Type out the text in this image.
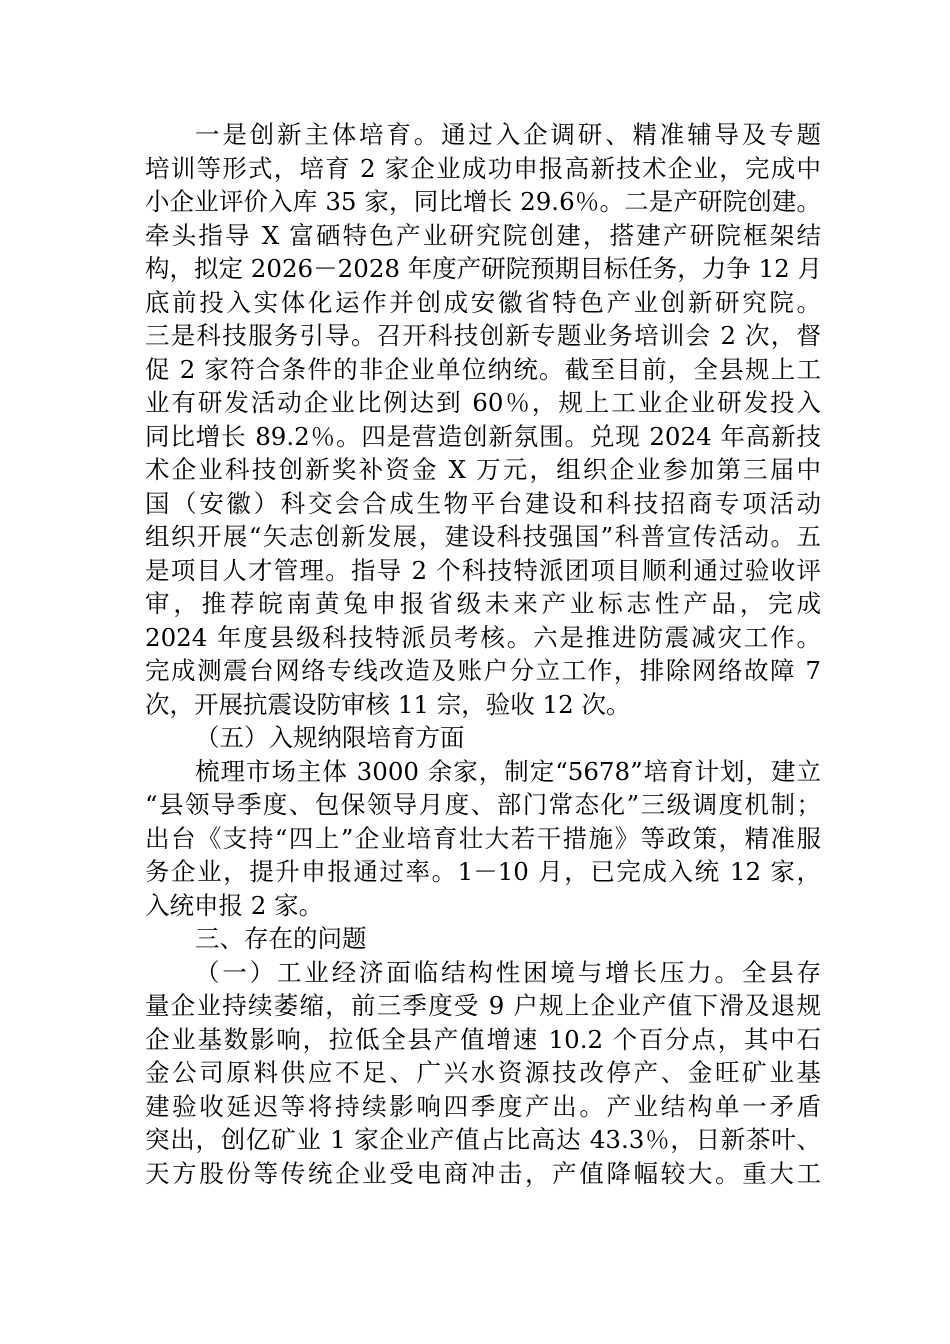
一是创新主体培育。通过入企调研、精准辅导及专题
培训等形式，培育 2 家企业成功申报高新技术企业，完成中
小企业评价入库 35 家，同比增长 29.6％。二是产研院创建。
牵头指导 X 富硒特色产业研究院创建，搭建产研院框架结
构，拟定 2026－2028 年度产研院预期目标任务，力争 12 月
底前投入实体化运作并创成安徽省特色产业创新研究院。
三是科技服务引导。召开科技创新专题业务培训会 2 次，督
促 2 家符合条件的非企业单位纳统。截至目前，全县规上工
业有研发活动企业比例达到 60％，规上工业企业研发投入
同比增长 89.2％。四是营造创新氛围。兑现 2024 年高新技
术企业科技创新奖补资金 X 万元，组织企业参加第三届中
国（安徽）科交会合成生物平台建设和科技招商专项活动
组织开展“矢志创新发展，建设科技强国”科普宣传活动。五
是项目人才管理。指导 2 个科技特派团项目顺利通过验收评
审，推荐皖南黄兔申报省级未来产业标志性产品，完成
2024 年度县级科技特派员考核。六是推进防震减灾工作。
完成测震台网络专线改造及账户分立工作，排除网络故障 7
次，开展抗震设防审核 11 宗，验收 12 次。
（五）入规纳限培育方面
梳理市场主体 3000 余家，制定“5678”培育计划，建立
“县领导季度、包保领导月度、部门常态化”三级调度机制；
出台《支持“四上”企业培育壮大若干措施》等政策，精准服
务企业，提升申报通过率。1－10 月，已完成入统 12 家，
入统申报 2 家。
三、存在的问题
（一）工业经济面临结构性困境与增长压力。全县存
量企业持续萎缩，前三季度受 9 户规上企业产值下滑及退规
企业基数影响，拉低全县产值增速 10.2 个百分点，其中石
金公司原料供应不足、广兴水资源技改停产、金旺矿业基
建验收延迟等将持续影响四季度产出。产业结构单一矛盾
突出，创亿矿业 1 家企业产值占比高达 43.3％，日新茶叶、
天方股份等传统企业受电商冲击，产值降幅较大。重大工
